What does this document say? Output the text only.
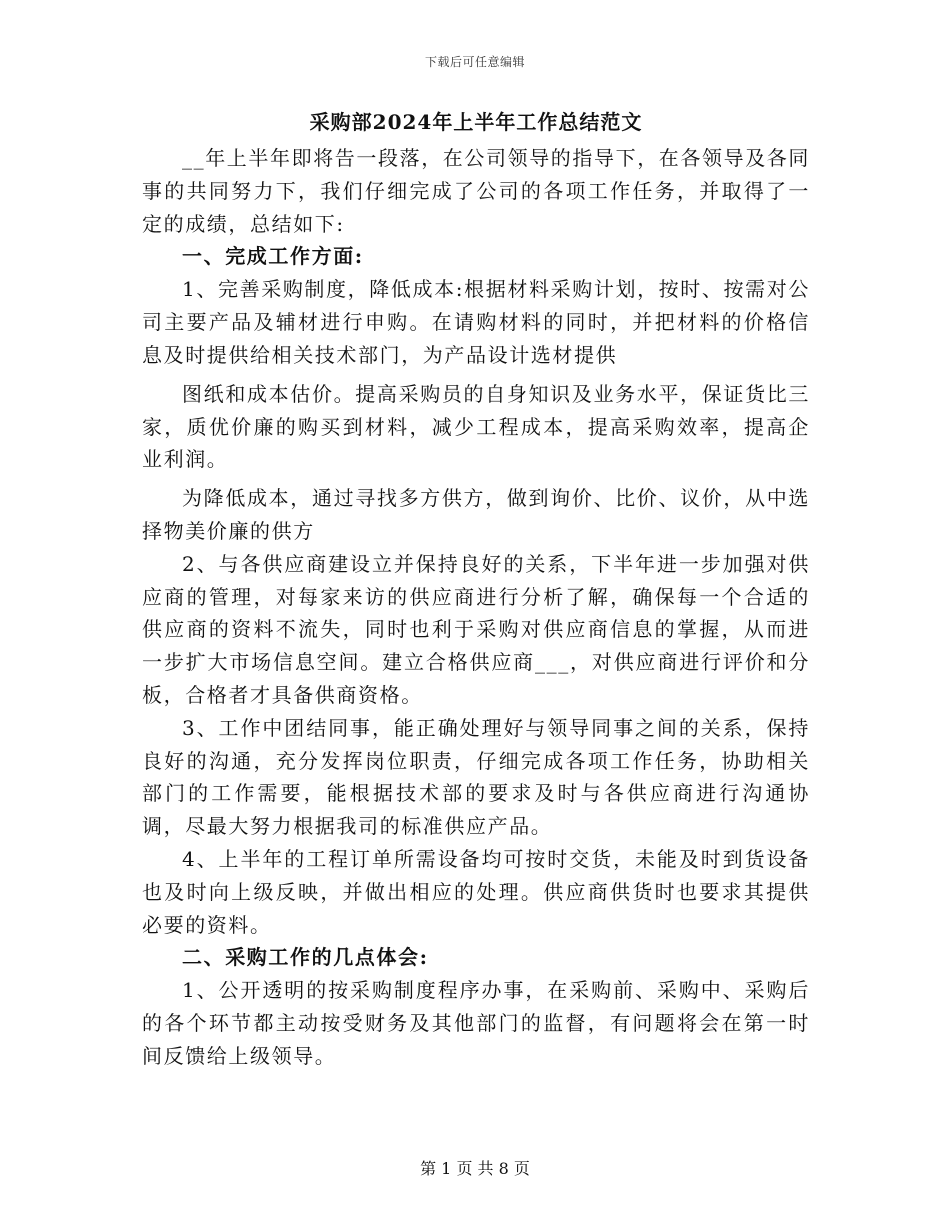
下载后可任意编辑
采购部2024年上半年工作总结范文

__年上半年即将告一段落，在公司领导的指导下，在各领导及各同事的共同努力下，我们仔细完成了公司的各项工作任务，并取得了一定的成绩，总结如下:

一、完成工作方面:

1、完善采购制度，降低成本:根据材料采购计划，按时、按需对公司主要产品及辅材进行申购。在请购材料的同时，并把材料的价格信息及时提供给相关技术部门，为产品设计选材提供

图纸和成本估价。提高采购员的自身知识及业务水平，保证货比三家，质优价廉的购买到材料，减少工程成本，提高采购效率，提高企业利润。

为降低成本，通过寻找多方供方，做到询价、比价、议价，从中选择物美价廉的供方

2、与各供应商建设立并保持良好的关系，下半年进一步加强对供应商的管理，对每家来访的供应商进行分析了解，确保每一个合适的供应商的资料不流失，同时也利于采购对供应商信息的掌握，从而进一步扩大市场信息空间。建立合格供应商___，对供应商进行评价和分板，合格者才具备供商资格。

3、工作中团结同事，能正确处理好与领导同事之间的关系，保持良好的沟通，充分发挥岗位职责，仔细完成各项工作任务，协助相关部门的工作需要，能根据技术部的要求及时与各供应商进行沟通协调，尽最大努力根据我司的标准供应产品。

4、上半年的工程订单所需设备均可按时交货，未能及时到货设备也及时向上级反映，并做出相应的处理。供应商供货时也要求其提供必要的资料。

二、采购工作的几点体会:

1、公开透明的按采购制度程序办事，在采购前、采购中、采购后的各个环节都主动按受财务及其他部门的监督，有问题将会在第一时间反馈给上级领导。

第 1 页 共 8 页
